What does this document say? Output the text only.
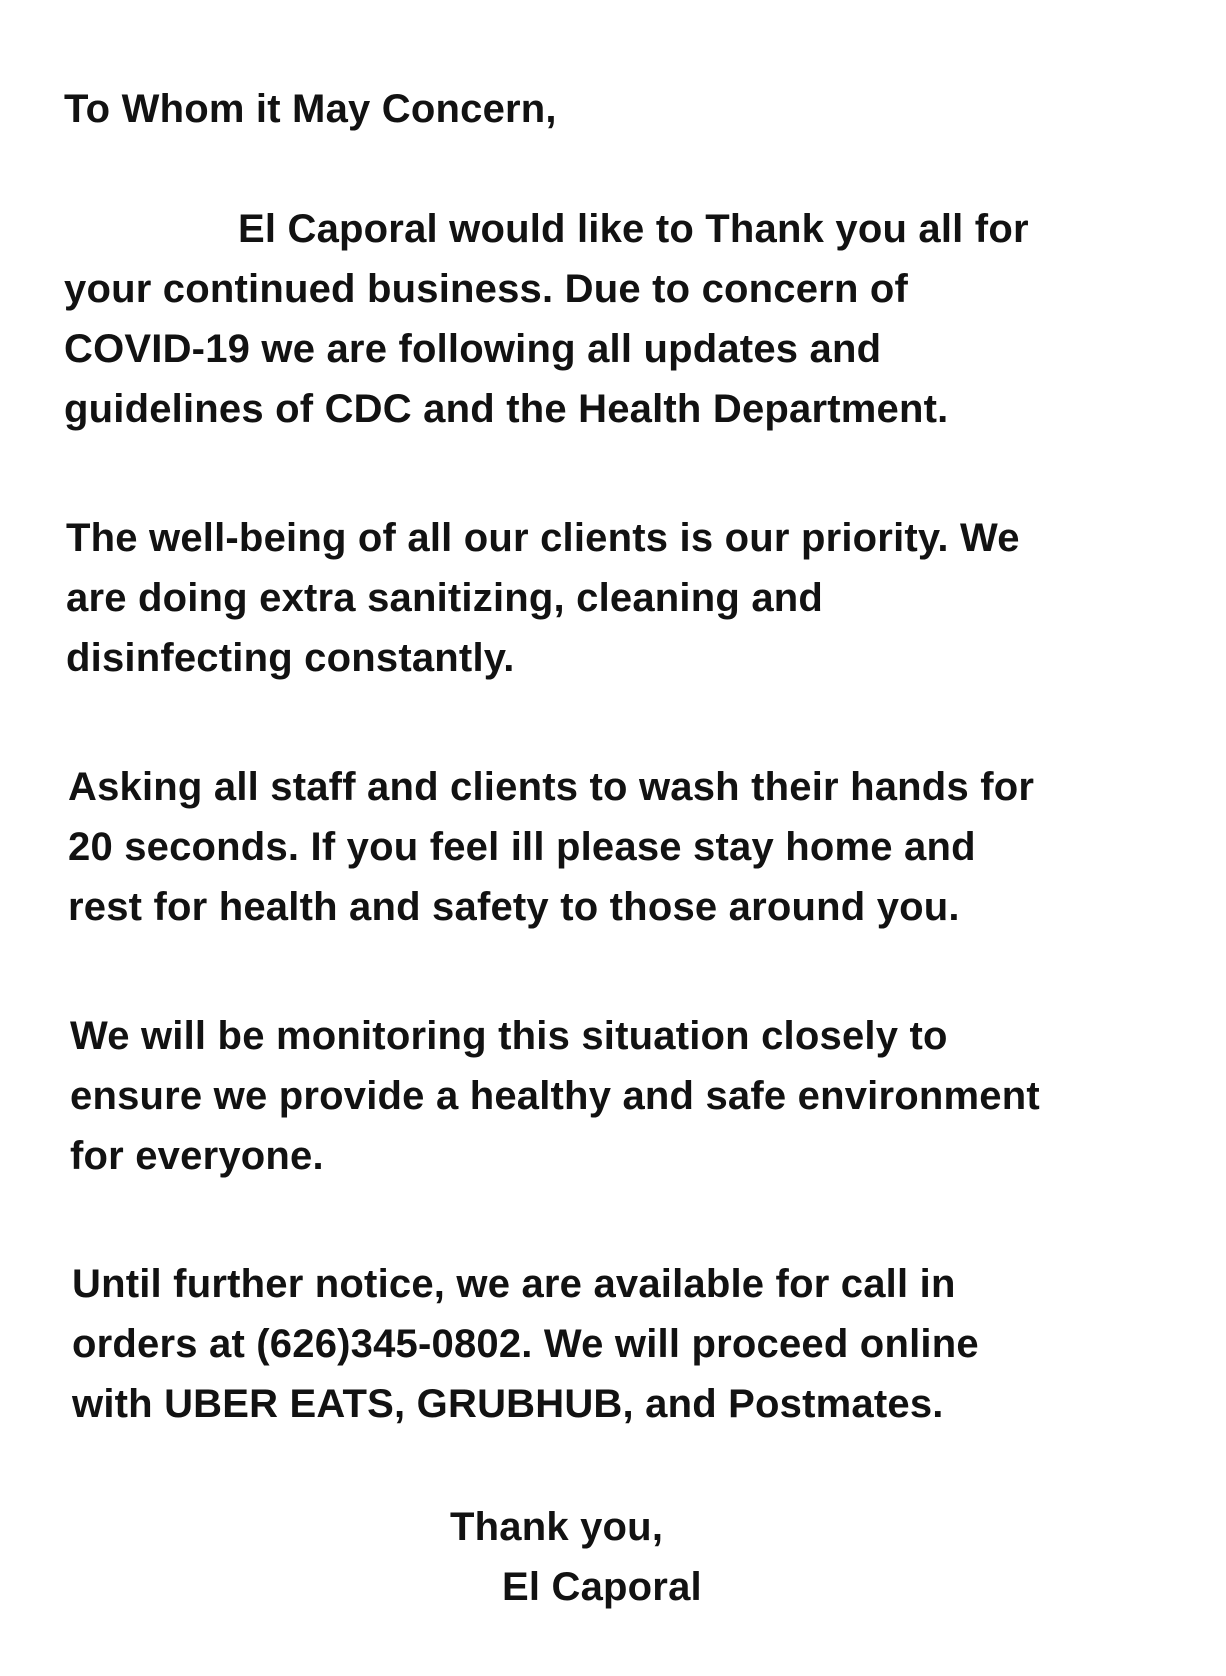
To Whom it May Concern,
El Caporal would like to Thank you all for
your continued business. Due to concern of
COVID-19 we are following all updates and
guidelines of CDC and the Health Department.
The well-being of all our clients is our priority. We
are doing extra sanitizing, cleaning and
disinfecting constantly.
Asking all staff and clients to wash their hands for
20 seconds. If you feel ill please stay home and
rest for health and safety to those around you.
We will be monitoring this situation closely to
ensure we provide a healthy and safe environment
for everyone.
Until further notice, we are available for call in
orders at (626)345-0802. We will proceed online
with UBER EATS, GRUBHUB, and Postmates.
Thank you,
El Caporal
